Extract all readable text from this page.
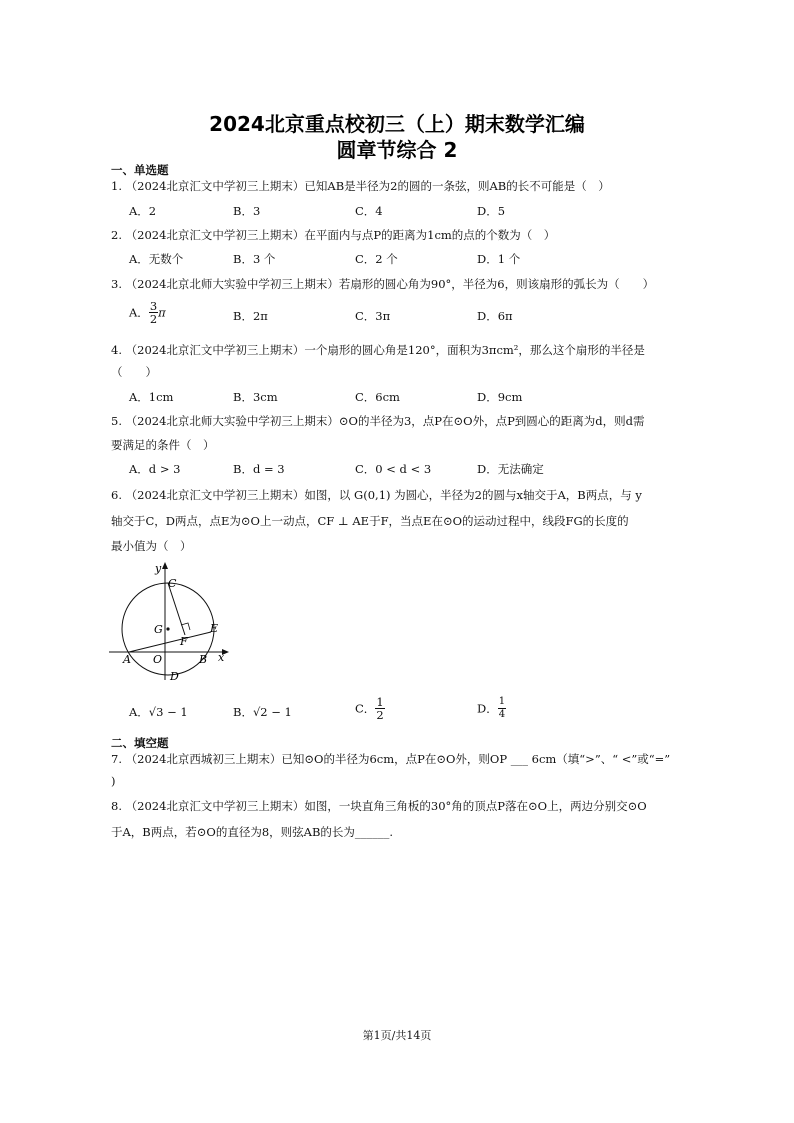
2024北京重点校初三（上）期末数学汇编
圆章节综合 2
一、单选题
1. （2024北京汇文中学初三上期末）已知AB是半径为2的圆的一条弦，则AB的长不可能是（　）
A．2	B．3	C．4	D．5
2. （2024北京汇文中学初三上期末）在平面内与点P的距离为1cm的点的个数为（　）
A．无数个	B．3 个	C．2 个	D．1 个
3. （2024北京北师大实验中学初三上期末）若扇形的圆心角为90°，半径为6，则该扇形的弧长为（　　）
A． $\frac{3}{2}$ π	B．2π	C．3π	D．6π
4. （2024北京汇文中学初三上期末）一个扇形的圆心角是120°，面积为3πcm²，那么这个扇形的半径是
（　　）
A．1cm	B．3cm	C．6cm	D．9cm
5. （2024北京北师大实验中学初三上期末）⊙O的半径为3，点P在⊙O外，点P到圆心的距离为d，则d需
要满足的条件（　）
A．d > 3	B．d = 3	C．0 < d < 3	D．无法确定
6. （2024北京汇文中学初三上期末）如图，以 G(0,1) 为圆心，半径为2的圆与x轴交于A，B两点，与 y
轴交于C，D两点，点E为⊙O上一动点，CF ⊥ AE于F，当点E在⊙O的运动过程中，线段FG的长度的
最小值为（　）
y
x
C
G	E
F
A O	B
D
A．√3 − 1	B．√2 − 1	C． $\frac{1}{2}$	D． $\frac{1}{4}$
二、填空题
7. （2024北京西城初三上期末）已知⊙O的半径为6cm，点P在⊙O外，则OP ___ 6cm（填“>”、“ <”或“=”
)
8. （2024北京汇文中学初三上期末）如图，一块直角三角板的30°角的顶点P落在⊙O上，两边分别交⊙O
于A，B两点，若⊙O的直径为8，则弦AB的长为______.
第1页/共14页
